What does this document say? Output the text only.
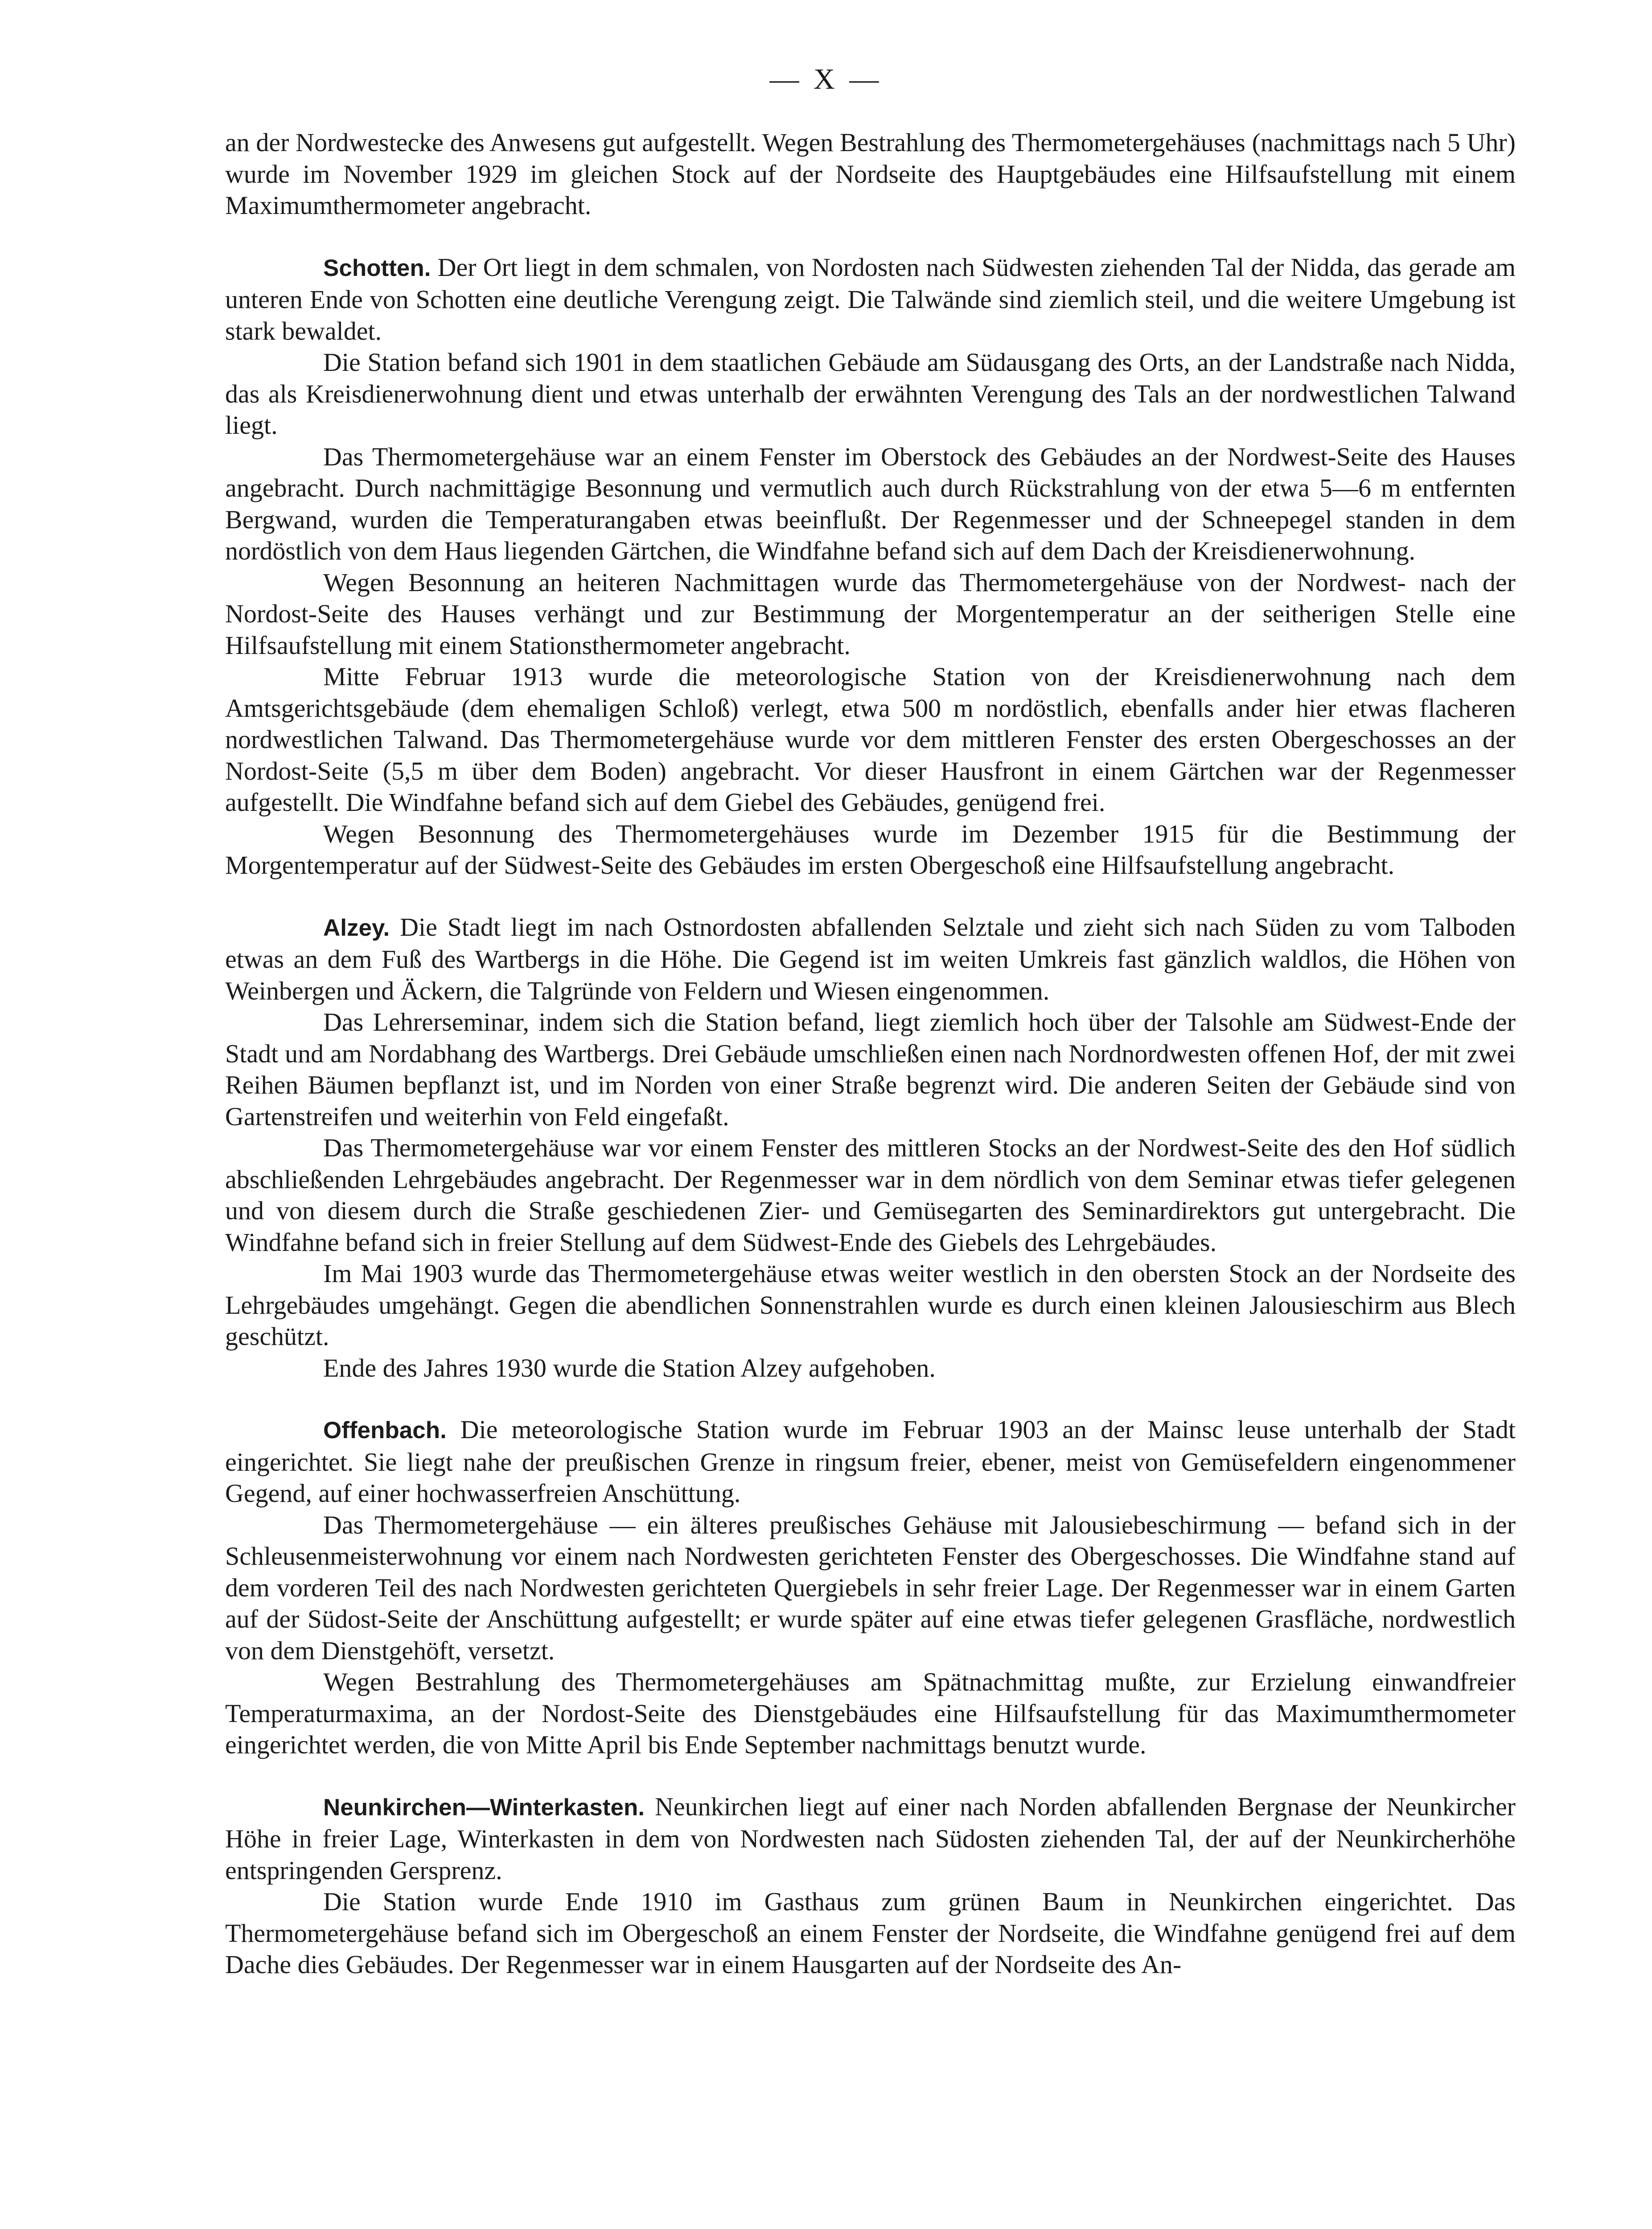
— X —

an der Nordwestecke des Anwesens gut aufgestellt. Wegen Bestrahlung des Thermometergehäuses (nachmittags nach 5 Uhr) wurde im November 1929 im gleichen Stock auf der Nordseite des Hauptgebäudes eine Hilfsaufstellung mit einem Maximumthermometer angebracht.

Schotten. Der Ort liegt in dem schmalen, von Nordosten nach Südwesten ziehenden Tal der Nidda, das gerade am unteren Ende von Schotten eine deutliche Verengung zeigt. Die Talwände sind ziemlich steil, und die weitere Umgebung ist stark bewaldet.

Die Station befand sich 1901 in dem staatlichen Gebäude am Südausgang des Orts, an der Landstraße nach Nidda, das als Kreisdienerwohnung dient und etwas unterhalb der erwähnten Verengung des Tals an der nordwestlichen Talwand liegt.

Das Thermometergehäuse war an einem Fenster im Oberstock des Gebäudes an der Nordwest-Seite des Hauses angebracht. Durch nachmittägige Besonnung und vermutlich auch durch Rückstrahlung von der etwa 5—6 m entfernten Bergwand, wurden die Temperaturangaben etwas beeinflußt. Der Regenmesser und der Schneepegel standen in dem nordöstlich von dem Haus liegenden Gärtchen, die Windfahne befand sich auf dem Dach der Kreisdienerwohnung.

Wegen Besonnung an heiteren Nachmittagen wurde das Thermometergehäuse von der Nordwest- nach der Nordost-Seite des Hauses verhängt und zur Bestimmung der Morgentemperatur an der seitherigen Stelle eine Hilfsaufstellung mit einem Stationsthermometer angebracht.

Mitte Februar 1913 wurde die meteorologische Station von der Kreisdienerwohnung nach dem Amtsgerichtsgebäude (dem ehemaligen Schloß) verlegt, etwa 500 m nordöstlich, ebenfalls ander hier etwas flacheren nordwestlichen Talwand. Das Thermometergehäuse wurde vor dem mittleren Fenster des ersten Obergeschosses an der Nordost-Seite (5,5 m über dem Boden) angebracht. Vor dieser Hausfront in einem Gärtchen war der Regenmesser aufgestellt. Die Windfahne befand sich auf dem Giebel des Gebäudes, genügend frei.

Wegen Besonnung des Thermometergehäuses wurde im Dezember 1915 für die Bestimmung der Morgentemperatur auf der Südwest-Seite des Gebäudes im ersten Obergeschoß eine Hilfsaufstellung angebracht.

Alzey. Die Stadt liegt im nach Ostnordosten abfallenden Selztale und zieht sich nach Süden zu vom Talboden etwas an dem Fuß des Wartbergs in die Höhe. Die Gegend ist im weiten Umkreis fast gänzlich waldlos, die Höhen von Weinbergen und Äckern, die Talgründe von Feldern und Wiesen eingenommen.

Das Lehrerseminar, indem sich die Station befand, liegt ziemlich hoch über der Talsohle am Südwest-Ende der Stadt und am Nordabhang des Wartbergs. Drei Gebäude umschließen einen nach Nordnordwesten offenen Hof, der mit zwei Reihen Bäumen bepflanzt ist, und im Norden von einer Straße begrenzt wird. Die anderen Seiten der Gebäude sind von Gartenstreifen und weiterhin von Feld eingefaßt.

Das Thermometergehäuse war vor einem Fenster des mittleren Stocks an der Nordwest-Seite des den Hof südlich abschließenden Lehrgebäudes angebracht. Der Regenmesser war in dem nördlich von dem Seminar etwas tiefer gelegenen und von diesem durch die Straße geschiedenen Zier- und Gemüsegarten des Seminardirektors gut untergebracht. Die Windfahne befand sich in freier Stellung auf dem Südwest-Ende des Giebels des Lehrgebäudes.

Im Mai 1903 wurde das Thermometergehäuse etwas weiter westlich in den obersten Stock an der Nordseite des Lehrgebäudes umgehängt. Gegen die abendlichen Sonnenstrahlen wurde es durch einen kleinen Jalousieschirm aus Blech geschützt.

Ende des Jahres 1930 wurde die Station Alzey aufgehoben.

Offenbach. Die meteorologische Station wurde im Februar 1903 an der Mainsc leuse unterhalb der Stadt eingerichtet. Sie liegt nahe der preußischen Grenze in ringsum freier, ebener, meist von Gemüsefeldern eingenommener Gegend, auf einer hochwasserfreien Anschüttung.

Das Thermometergehäuse — ein älteres preußisches Gehäuse mit Jalousiebeschirmung — befand sich in der Schleusenmeisterwohnung vor einem nach Nordwesten gerichteten Fenster des Obergeschosses. Die Windfahne stand auf dem vorderen Teil des nach Nordwesten gerichteten Quergiebels in sehr freier Lage. Der Regenmesser war in einem Garten auf der Südost-Seite der Anschüttung aufgestellt; er wurde später auf eine etwas tiefer gelegenen Grasfläche, nordwestlich von dem Dienstgehöft, versetzt.

Wegen Bestrahlung des Thermometergehäuses am Spätnachmittag mußte, zur Erzielung einwandfreier Temperaturmaxima, an der Nordost-Seite des Dienstgebäudes eine Hilfsaufstellung für das Maximumthermometer eingerichtet werden, die von Mitte April bis Ende September nachmittags benutzt wurde.

Neunkirchen—Winterkasten. Neunkirchen liegt auf einer nach Norden abfallenden Bergnase der Neunkircher Höhe in freier Lage, Winterkasten in dem von Nordwesten nach Südosten ziehenden Tal, der auf der Neunkircherhöhe entspringenden Gersprenz.

Die Station wurde Ende 1910 im Gasthaus zum grünen Baum in Neunkirchen eingerichtet. Das Thermometergehäuse befand sich im Obergeschoß an einem Fenster der Nordseite, die Windfahne genügend frei auf dem Dache dies Gebäudes. Der Regenmesser war in einem Hausgarten auf der Nordseite des An-
